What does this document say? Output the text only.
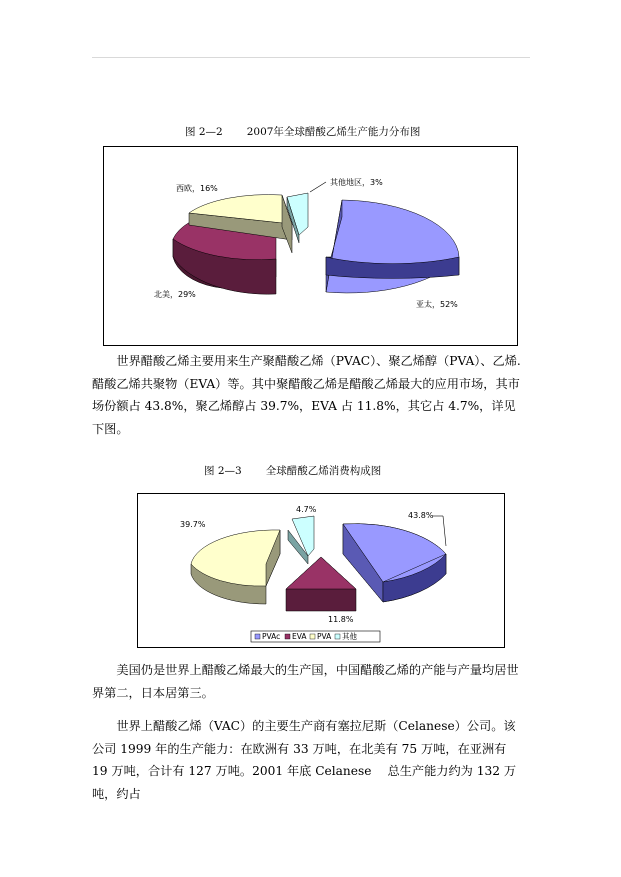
图 2—2 2007年全球醋酸乙烯生产能力分布图
其他地区，3%
西欧，16%
北美，29%
亚太，52%

世界醋酸乙烯主要用来生产聚醋酸乙烯（PVAC）、聚乙烯醇（PVA）、乙烯.醋酸乙烯共聚物（EVA）等。其中聚醋酸乙烯是醋酸乙烯最大的应用市场，其市场份额占 43.8%，聚乙烯醇占 39.7%，EVA 占 11.8%，其它占 4.7%，详见下图。

图 2—3 全球醋酸乙烯消费构成图
43.8%
4.7%
39.7%
11.8%
PVAc EVA PVA 其他

美国仍是世界上醋酸乙烯最大的生产国，中国醋酸乙烯的产能与产量均居世界第二，日本居第三。

世界上醋酸乙烯（VAC）的主要生产商有塞拉尼斯（Celanese）公司。该公司 1999 年的生产能力：在欧洲有 33 万吨，在北美有 75 万吨，在亚洲有 19 万吨，合计有 127 万吨。2001 年底 Celanese　 总生产能力约为 132 万吨，约占
